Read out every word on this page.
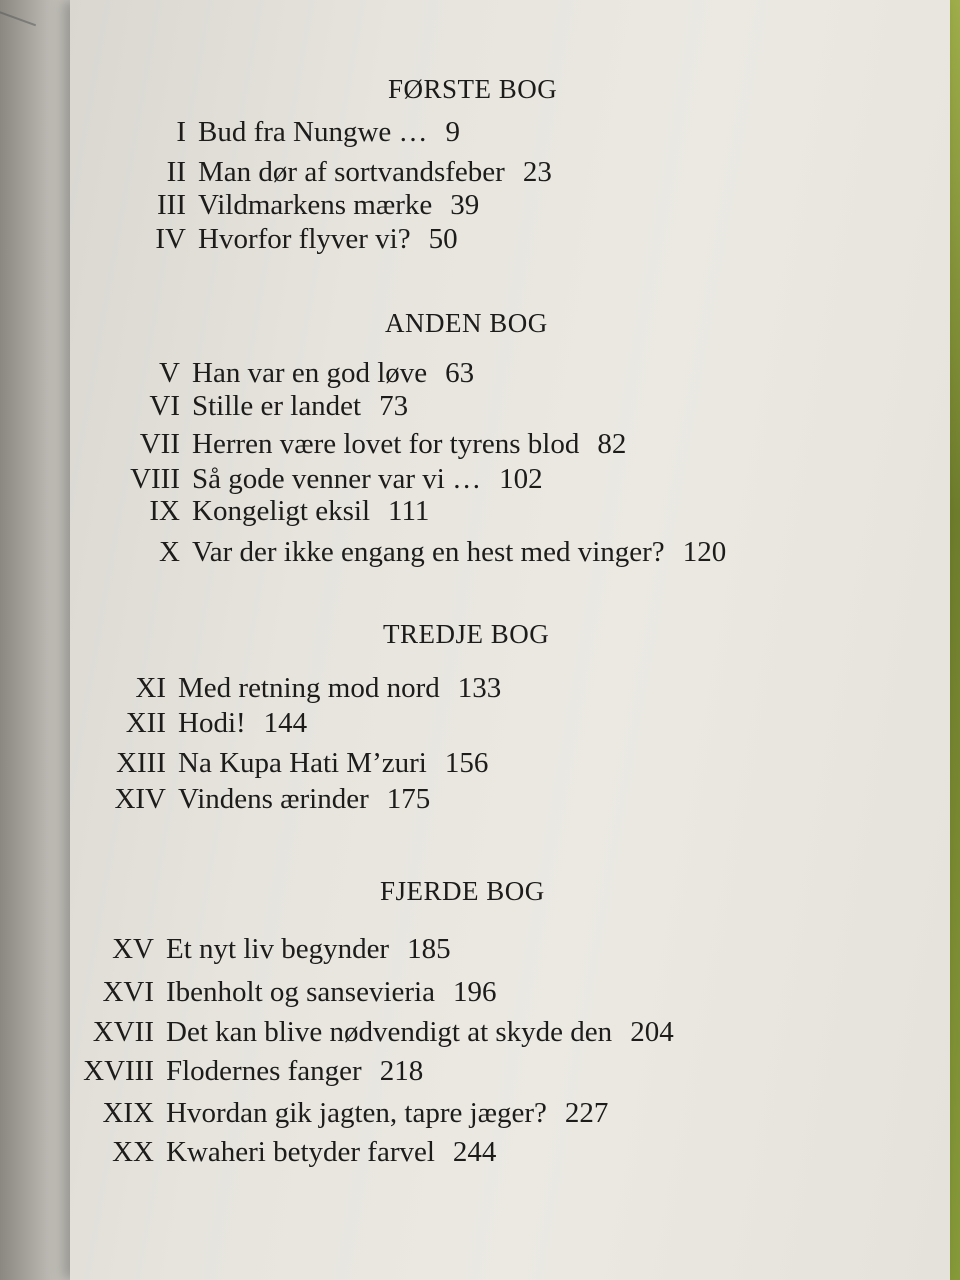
FØRSTE BOG
I Bud fra Nungwe … 9
II Man dør af sortvandsfeber 23
III Vildmarkens mærke 39
IV Hvorfor flyver vi? 50
ANDEN BOG
V Han var en god løve 63
VI Stille er landet 73
VII Herren være lovet for tyrens blod 82
VIII Så gode venner var vi … 102
IX Kongeligt eksil 111
X Var der ikke engang en hest med vinger? 120
TREDJE BOG
XI Med retning mod nord 133
XII Hodi! 144
XIII Na Kupa Hati M’zuri 156
XIV Vindens ærinder 175
FJERDE BOG
XV Et nyt liv begynder 185
XVI Ibenholt og sansevieria 196
XVII Det kan blive nødvendigt at skyde den 204
XVIII Flodernes fanger 218
XIX Hvordan gik jagten, tapre jæger? 227
XX Kwaheri betyder farvel 244
